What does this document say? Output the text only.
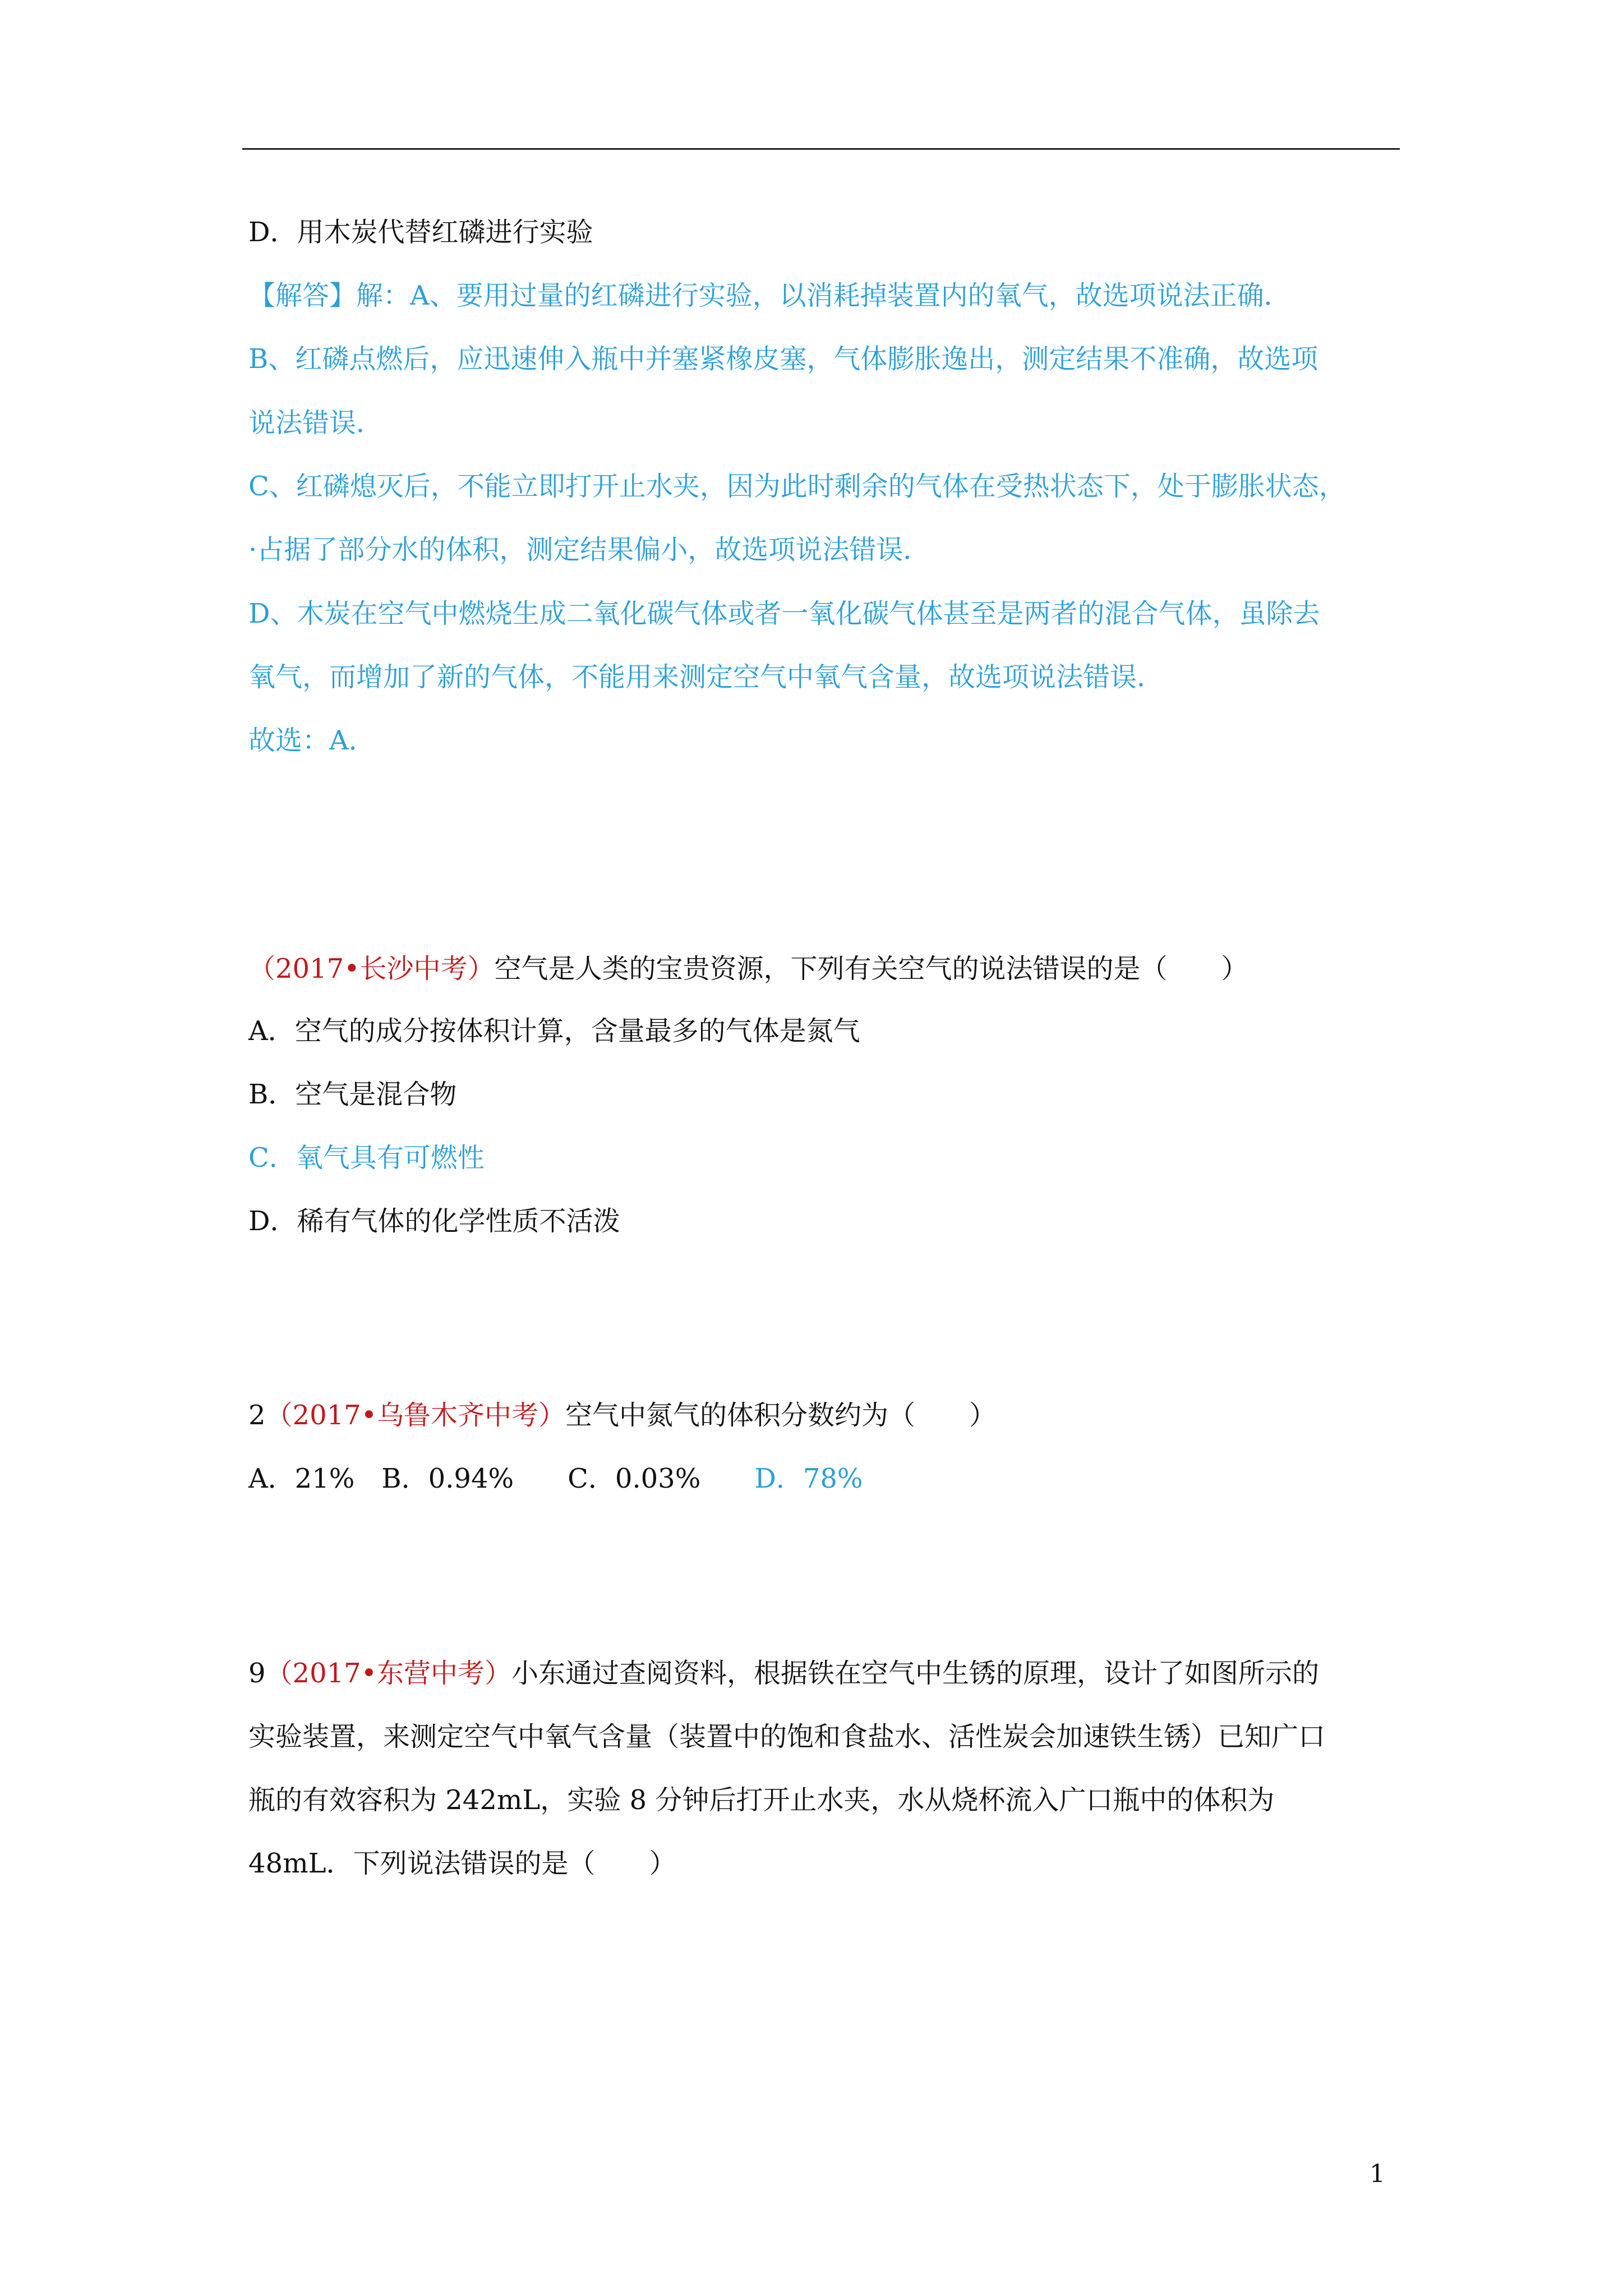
D．用木炭代替红磷进行实验
【解答】解：A、要用过量的红磷进行实验，以消耗掉装置内的氧气，故选项说法正确．
B、红磷点燃后，应迅速伸入瓶中并塞紧橡皮塞，气体膨胀逸出，测定结果不准确，故选项
说法错误．
C、红磷熄灭后，不能立即打开止水夹，因为此时剩余的气体在受热状态下，处于膨胀状态，
·占据了部分水的体积，测定结果偏小，故选项说法错误．
D、木炭在空气中燃烧生成二氧化碳气体或者一氧化碳气体甚至是两者的混合气体，虽除去
氧气，而增加了新的气体，不能用来测定空气中氧气含量，故选项说法错误．
故选：A．
（2017•长沙中考）空气是人类的宝贵资源，下列有关空气的说法错误的是（　　）
A．空气的成分按体积计算，含量最多的气体是氮气
B．空气是混合物
C．氧气具有可燃性
D．稀有气体的化学性质不活泼
2（2017•乌鲁木齐中考）空气中氮气的体积分数约为（　　）
A．21%　B．0.94%　　C．0.03%　　D．78%
9（2017•东营中考）小东通过查阅资料，根据铁在空气中生锈的原理，设计了如图所示的
实验装置，来测定空气中氧气含量（装置中的饱和食盐水、活性炭会加速铁生锈）已知广口
瓶的有效容积为 242mL，实验 8 分钟后打开止水夹，水从烧杯流入广口瓶中的体积为
48mL．下列说法错误的是（　　）
1
